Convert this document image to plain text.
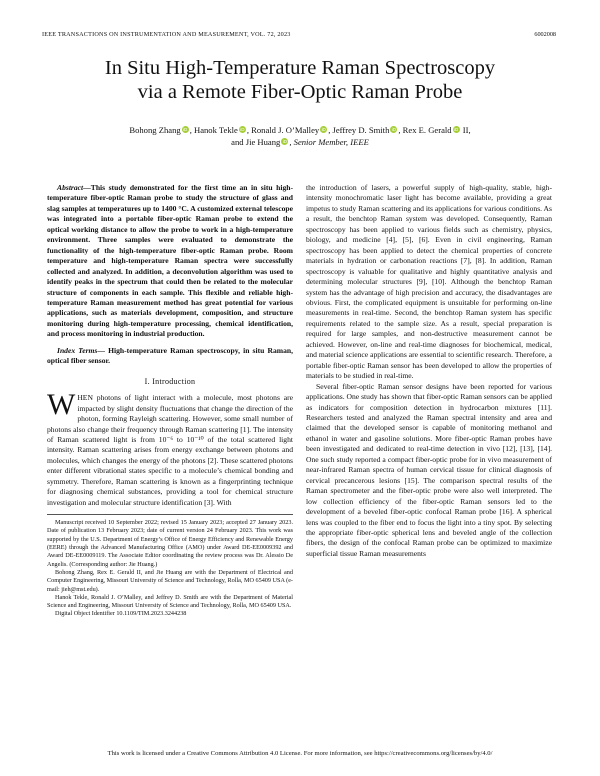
IEEE TRANSACTIONS ON INSTRUMENTATION AND MEASUREMENT, VOL. 72, 2023	6002008
In Situ High-Temperature Raman Spectroscopy
via a Remote Fiber-Optic Raman Probe
Bohong Zhang iD , Hanok Tekle iD , Ronald J. O’Malley iD , Jeffrey D. Smith iD , Rex E. Gerald iD II,
and Jie Huang iD , Senior Member, IEEE

Abstract—This study demonstrated for the first time an in situ high-temperature fiber-optic Raman probe to study the structure of glass and slag samples at temperatures up to 1400 °C. A customized external telescope was integrated into a portable fiber-optic Raman probe to extend the optical working distance to allow the probe to work in a high-temperature environment. Three samples were evaluated to demonstrate the functionality of the high-temperature fiber-optic Raman probe. Room temperature and high-temperature Raman spectra were successfully collected and analyzed. In addition, a deconvolution algorithm was used to identify peaks in the spectrum that could then be related to the molecular structure of components in each sample. This flexible and reliable high-temperature Raman measurement method has great potential for various applications, such as materials development, composition, and structure monitoring during high-temperature processing, chemical identification, and process monitoring in industrial production.

Index Terms— High-temperature Raman spectroscopy, in situ Raman, optical fiber sensor.

I. Introduction

WHEN photons of light interact with a molecule, most photons are impacted by slight density fluctuations that change the direction of the photon, forming Rayleigh scattering. However, some small number of photons also change their frequency through Raman scattering [1]. The intensity of Raman scattered light is from 10⁻⁶ to 10⁻¹⁰ of the total scattered light intensity. Raman scattering arises from energy exchange between photons and molecules, which changes the energy of the photons [2]. These scattered photons enter different vibrational states specific to a molecule’s chemical bonding and symmetry. Therefore, Raman scattering is known as a fingerprinting technique for diagnosing chemical substances, providing a tool for chemical structure investigation and molecular structure identification [3]. With

Manuscript received 10 September 2022; revised 15 January 2023; accepted 27 January 2023. Date of publication 13 February 2023; date of current version 24 February 2023. This work was supported by the U.S. Department of Energy’s Office of Energy Efficiency and Renewable Energy (EERE) through the Advanced Manufacturing Office (AMO) under Award DE-EE0009392 and Award DE-EE0009119. The Associate Editor coordinating the review process was Dr. Alessio De Angelis. (Corresponding author: Jie Huang.)

Bohong Zhang, Rex E. Gerald II, and Jie Huang are with the Department of Electrical and Computer Engineering, Missouri University of Science and Technology, Rolla, MO 65409 USA (e-mail: jieh@mst.edu).

Hanok Tekle, Ronald J. O’Malley, and Jeffrey D. Smith are with the Department of Material Science and Engineering, Missouri University of Science and Technology, Rolla, MO 65409 USA.

Digital Object Identifier 10.1109/TIM.2023.3244238

the introduction of lasers, a powerful supply of high-quality, stable, high-intensity monochromatic laser light has become available, providing a great impetus to study Raman scattering and its applications for various conditions. As a result, the benchtop Raman system was developed. Consequently, Raman spectroscopy has been applied to various fields such as chemistry, physics, biology, and medicine [4], [5], [6]. Even in civil engineering, Raman spectroscopy has been applied to detect the chemical properties of concrete materials in hydration or carbonation reactions [7], [8]. In addition, Raman spectroscopy is valuable for qualitative and highly quantitative analysis and determining molecular structures [9], [10]. Although the benchtop Raman system has the advantage of high precision and accuracy, the disadvantages are obvious. First, the complicated equipment is unsuitable for performing on-line measurements in real-time. Second, the benchtop Raman system has specific requirements related to the sample size. As a result, special preparation is required for large samples, and non-destructive measurement cannot be achieved. However, on-line and real-time diagnoses for biochemical, medical, and material science applications are essential to scientific research. Therefore, a portable fiber-optic Raman sensor has been developed to allow the properties of materials to be studied in real-time.

Several fiber-optic Raman sensor designs have been reported for various applications. One study has shown that fiber-optic Raman sensors can be applied as indicators for composition detection in hydrocarbon mixtures [11]. Researchers tested and analyzed the Raman spectral intensity and area and claimed that the developed sensor is capable of monitoring methanol and ethanol in water and gasoline solutions. More fiber-optic Raman probes have been investigated and dedicated to real-time detection in vivo [12], [13], [14]. One such study reported a compact fiber-optic probe for in vivo measurement of near-infrared Raman spectra of human cervical tissue for clinical diagnosis of cervical precancerous lesions [15]. The comparison spectral results of the Raman spectrometer and the fiber-optic probe were also well interpreted. The low collection efficiency of the fiber-optic Raman sensors led to the development of a beveled fiber-optic confocal Raman probe [16]. A spherical lens was coupled to the fiber end to focus the light into a tiny spot. By selecting the appropriate fiber-optic spherical lens and beveled angle of the collection fibers, the design of the confocal Raman probe can be optimized to maximize superficial tissue Raman measurements

This work is licensed under a Creative Commons Attribution 4.0 License. For more information, see https://creativecommons.org/licenses/by/4.0/
